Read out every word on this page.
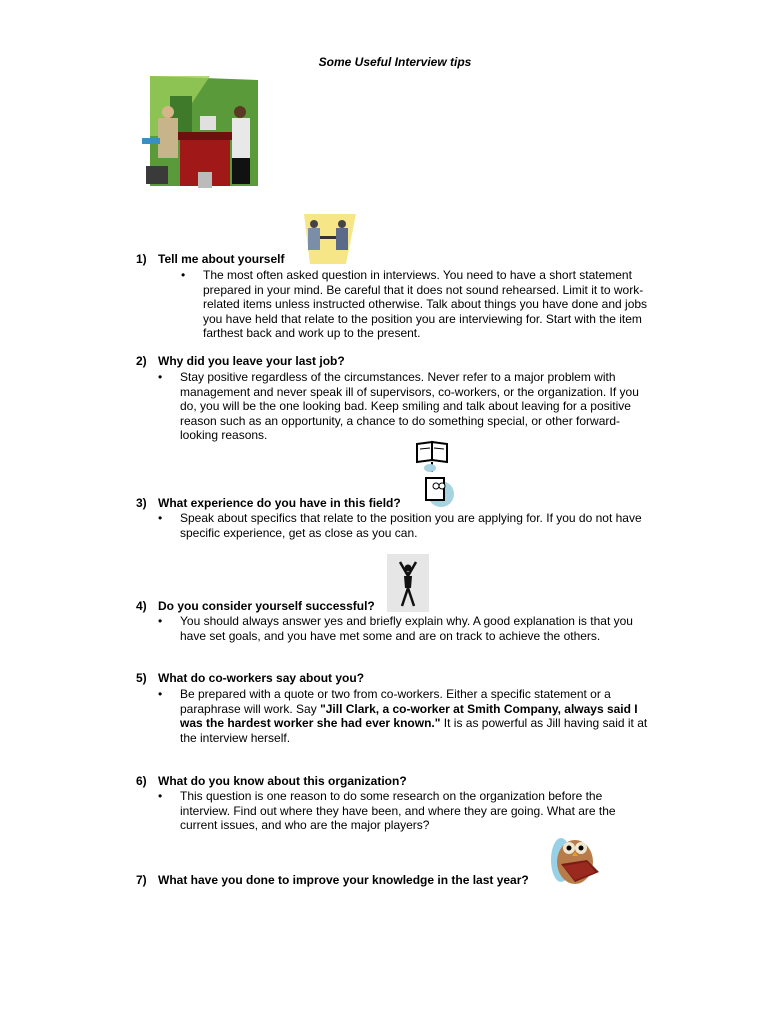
Some Useful Interview tips
1) Tell me about yourself
• The most often asked question in interviews. You need to have a short statement prepared in your mind. Be careful that it does not sound rehearsed. Limit it to work-related items unless instructed otherwise. Talk about things you have done and jobs you have held that relate to the position you are interviewing for. Start with the item farthest back and work up to the present.
2) Why did you leave your last job?
• Stay positive regardless of the circumstances. Never refer to a major problem with management and never speak ill of supervisors, co-workers, or the organization. If you do, you will be the one looking bad. Keep smiling and talk about leaving for a positive reason such as an opportunity, a chance to do something special, or other forward-looking reasons.
3) What experience do you have in this field?
• Speak about specifics that relate to the position you are applying for. If you do not have specific experience, get as close as you can.
4) Do you consider yourself successful?
• You should always answer yes and briefly explain why. A good explanation is that you have set goals, and you have met some and are on track to achieve the others.
5) What do co-workers say about you?
• Be prepared with a quote or two from co-workers. Either a specific statement or a paraphrase will work. Say "Jill Clark, a co-worker at Smith Company, always said I was the hardest worker she had ever known." It is as powerful as Jill having said it at the interview herself.
6) What do you know about this organization?
• This question is one reason to do some research on the organization before the interview. Find out where they have been, and where they are going. What are the current issues, and who are the major players?
7) What have you done to improve your knowledge in the last year?
